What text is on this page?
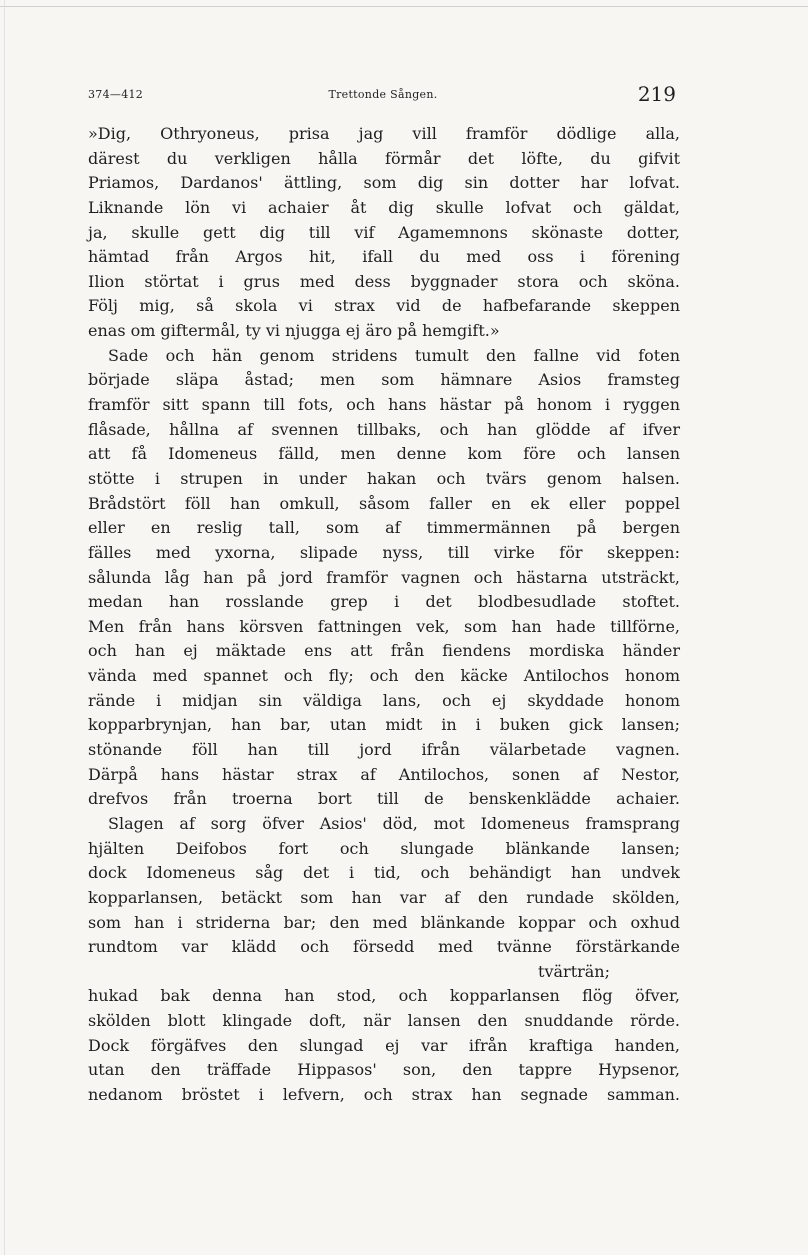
374—412	Trettonde Sången.	219
»Dig, Othryoneus, prisa jag vill framför dödlige alla,
därest du verkligen hålla förmår det löfte, du gifvit
Priamos, Dardanos' ättling, som dig sin dotter har lofvat.
Liknande lön vi achaier åt dig skulle lofvat och gäldat,
ja, skulle gett dig till vif Agamemnons skönaste dotter,
hämtad från Argos hit, ifall du med oss i förening
Ilion störtat i grus med dess byggnader stora och sköna.
Följ mig, så skola vi strax vid de hafbefarande skeppen
enas om giftermål, ty vi njugga ej äro på hemgift.»
Sade och hän genom stridens tumult den fallne vid foten
började släpa åstad; men som hämnare Asios framsteg
framför sitt spann till fots, och hans hästar på honom i ryggen
flåsade, hållna af svennen tillbaks, och han glödde af ifver
att få Idomeneus fälld, men denne kom före och lansen
stötte i strupen in under hakan och tvärs genom halsen.
Brådstört föll han omkull, såsom faller en ek eller poppel
eller en reslig tall, som af timmermännen på bergen
fälles med yxorna, slipade nyss, till virke för skeppen:
sålunda låg han på jord framför vagnen och hästarna utsträckt,
medan han rosslande grep i det blodbesudlade stoftet.
Men från hans körsven fattningen vek, som han hade tillförne,
och han ej mäktade ens att från fiendens mordiska händer
vända med spannet och fly; och den käcke Antilochos honom
rände i midjan sin väldiga lans, och ej skyddade honom
kopparbrynjan, han bar, utan midt in i buken gick lansen;
stönande föll han till jord ifrån välarbetade vagnen.
Därpå hans hästar strax af Antilochos, sonen af Nestor,
drefvos från troerna bort till de benskenklädde achaier.
Slagen af sorg öfver Asios' död, mot Idomeneus framsprang
hjälten Deifobos fort och slungade blänkande lansen;
dock Idomeneus såg det i tid, och behändigt han undvek
kopparlansen, betäckt som han var af den rundade skölden,
som han i striderna bar; den med blänkande koppar och oxhud
rundtom var klädd och försedd med tvänne förstärkande
tvärträn;
hukad bak denna han stod, och kopparlansen flög öfver,
skölden blott klingade doft, när lansen den snuddande rörde.
Dock förgäfves den slungad ej var ifrån kraftiga handen,
utan den träffade Hippasos' son, den tappre Hypsenor,
nedanom bröstet i lefvern, och strax han segnade samman.
